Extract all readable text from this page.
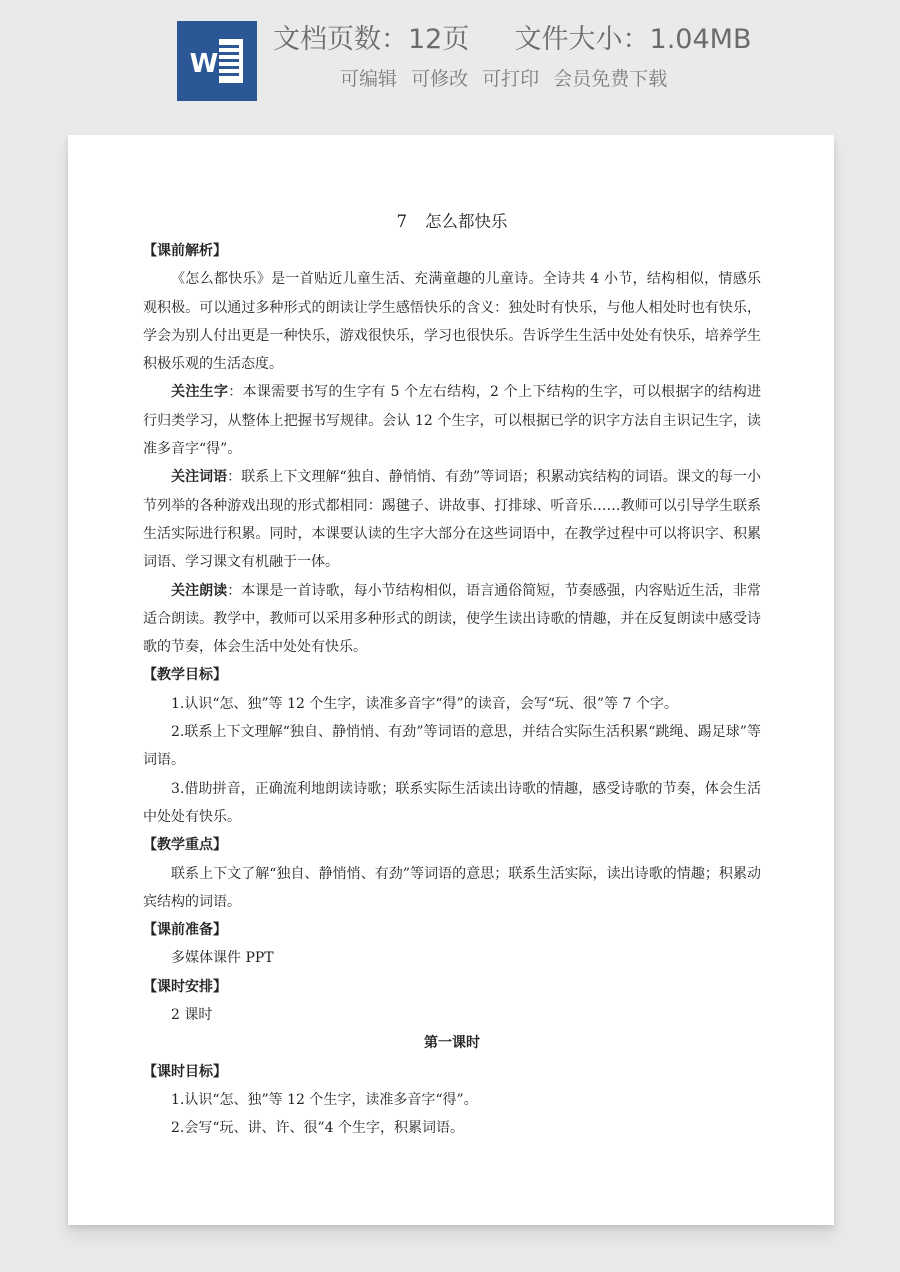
W
文档页数：12页 文件大小：1.04MB
可编辑 可修改 可打印 会员免费下载

7 怎么都快乐

【课前解析】

《怎么都快乐》是一首贴近儿童生活、充满童趣的儿童诗。全诗共 4 小节，结构相似，情感乐观积极。可以通过多种形式的朗读让学生感悟快乐的含义：独处时有快乐，与他人相处时也有快乐，学会为别人付出更是一种快乐，游戏很快乐，学习也很快乐。告诉学生生活中处处有快乐，培养学生积极乐观的生活态度。

关注生字：本课需要书写的生字有 5 个左右结构，2 个上下结构的生字，可以根据字的结构进行归类学习，从整体上把握书写规律。会认 12 个生字，可以根据已学的识字方法自主识记生字，读准多音字“得”。

关注词语：联系上下文理解“独自、静悄悄、有劲”等词语；积累动宾结构的词语。课文的每一小节列举的各种游戏出现的形式都相同：踢毽子、讲故事、打排球、听音乐……教师可以引导学生联系生活实际进行积累。同时，本课要认读的生字大部分在这些词语中，在教学过程中可以将识字、积累词语、学习课文有机融于一体。

关注朗读：本课是一首诗歌，每小节结构相似，语言通俗简短，节奏感强，内容贴近生活，非常适合朗读。教学中，教师可以采用多种形式的朗读，使学生读出诗歌的情趣，并在反复朗读中感受诗歌的节奏，体会生活中处处有快乐。

【教学目标】

1.认识“怎、独”等 12 个生字，读准多音字“得”的读音，会写“玩、很”等 7 个字。

2.联系上下文理解“独自、静悄悄、有劲”等词语的意思，并结合实际生活积累“跳绳、踢足球”等词语。

3.借助拼音，正确流利地朗读诗歌；联系实际生活读出诗歌的情趣，感受诗歌的节奏，体会生活中处处有快乐。

【教学重点】

联系上下文了解“独自、静悄悄、有劲”等词语的意思；联系生活实际，读出诗歌的情趣；积累动宾结构的词语。

【课前准备】

多媒体课件 PPT

【课时安排】

2 课时

第一课时

【课时目标】

1.认识“怎、独”等 12 个生字，读准多音字“得”。

2.会写“玩、讲、许、很”4 个生字，积累词语。
